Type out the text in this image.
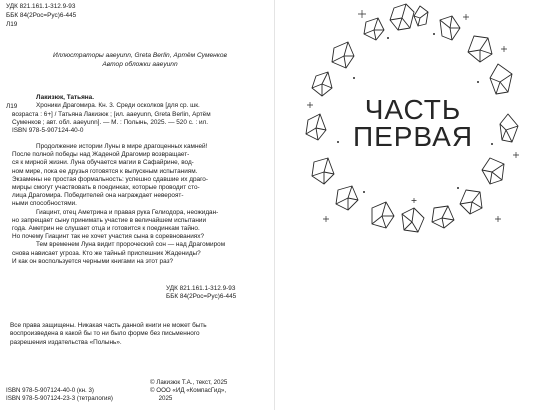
УДК 821.161.1-312.9-93
ББК 84(2Рос=Рус)6-445
Л19
Иллюстраторы aaeyunn, Greta Berlin, Артём Суменков
Автор обложки aaeyunn
Л19
Лакизюк, Татьяна.
Хроники Драгомира. Кн. 3. Среди осколков [для ср. шк.
возраста : 6+] / Татьяна Лакизюк ; [ил. aaeyunn, Greta Berlin, Артём
Суменков ; авт. обл. aaeyunn]. — М. : Полынь, 2025. — 520 с. : ил.
ISBN 978-5-907124-40-0
Продолжение истории Луны в мире драгоценных камней!
После полной победы над Жаденой Драгомир возвращает-
ся к мирной жизни. Луна обучается магии в Сафайрине, вод-
ном мире, пока ее друзья готовятся к выпускным испытаниям.
Экзамены не простая формальность: успешно сдавшие их драго-
мирцы смогут участвовать в поединках, которые проводит сто-
лица Драгомира. Победителей она награждает невероят-
ными способностями.
Гиацинт, отец Аметрина и правая рука Гелиодора, неожидан-
но запрещает сыну принимать участие в величайшем испытании
года. Аметрин не слушает отца и готовится к поединкам тайно.
Но почему Гиацинт так не хочет участия сына в соревнованиях?
Тем временем Луна видит пророческий сон — над Драгомиром
снова нависает угроза. Кто же тайный приспешник Жадениды?
И как он воспользуется черными книгами на этот раз?
УДК 821.161.1-312.9-93
ББК 84(2Рос=Рус)6-445
Все права защищены. Никакая часть данной книги не может быть
воспроизведена в какой бы то ни было форме без письменного
разрешения издательства «Полынь».
ISBN 978-5-907124-40-0 (кн. 3)
ISBN 978-5-907124-23-3 (тетралогия)
© Лакизюк Т.А., текст, 2025
© ООО «ИД «КомпасГид»,
2025
ЧАСТЬ
ПЕРВАЯ
